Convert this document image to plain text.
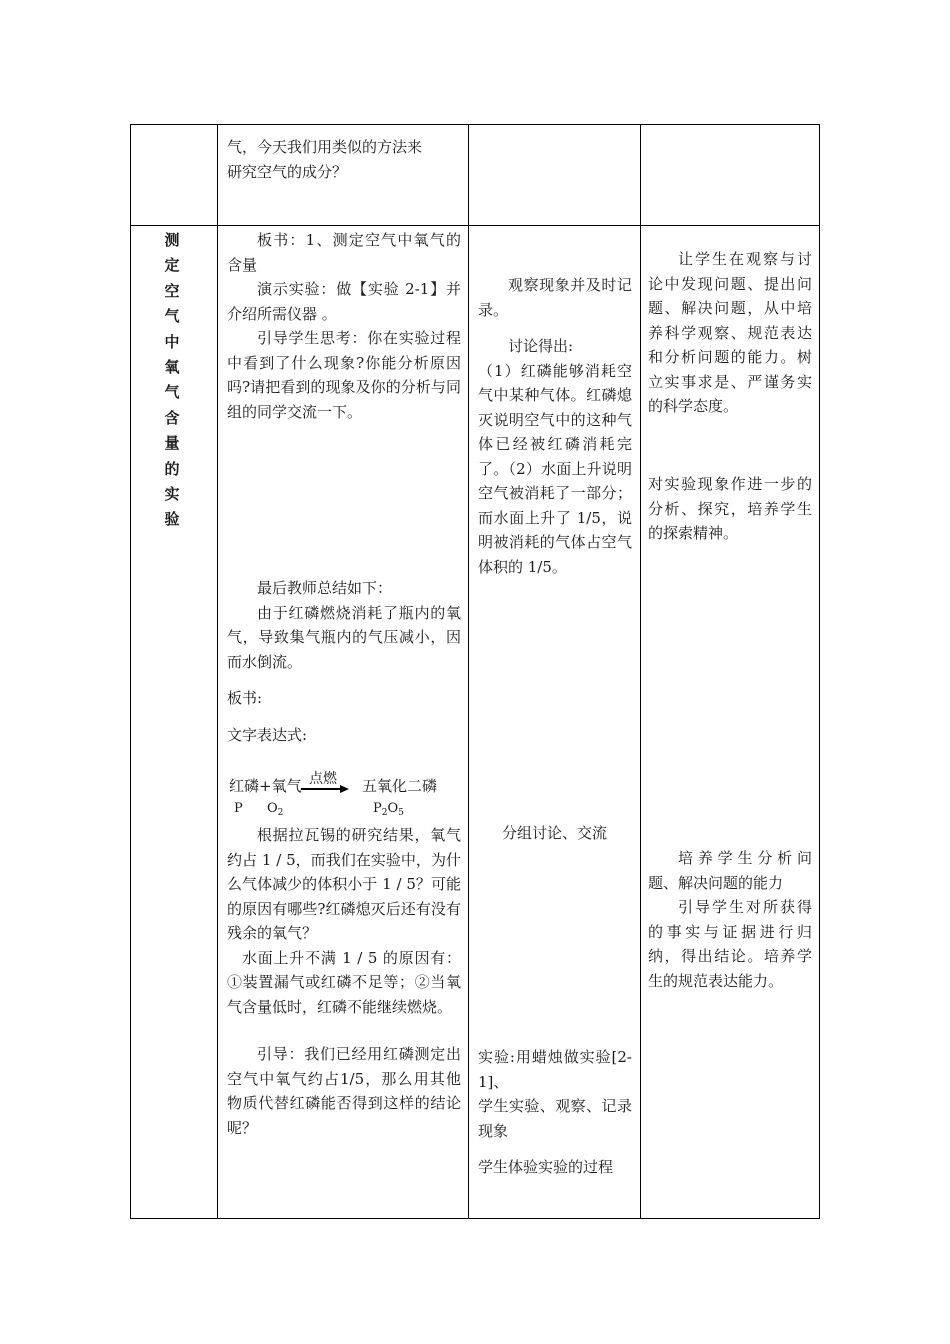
气，今天我们用类似的方法来

研究空气的成分？

测
定
空
气
中
氧
气
含
量
的
实
验

板书：1、测定空气中氧气的含量

演示实验：做【实验 2-1】并介绍所需仪器 。

引导学生思考：你在实验过程中看到了什么现象?你能分析原因吗?请把看到的现象及你的分析与同组的同学交流一下。

最后教师总结如下：

由于红磷燃烧消耗了瓶内的氧气，导致集气瓶内的气压减小，因而水倒流。

板书:

文字表达式:

红磷+氧气 点燃 → 五氧化二磷
P	$O_2$	$P_2O_5$

根据拉瓦锡的研究结果，氧气约占 1 / 5，而我们在实验中，为什么气体减少的体积小于 1 / 5？可能的原因有哪些?红磷熄灭后还有没有残余的氧气？

水面上升不满 1 / 5 的原因有：①装置漏气或红磷不足等；②当氧气含量低时，红磷不能继续燃烧。

引导：我们已经用红磷测定出空气中氧气约占1/5，那么用其他物质代替红磷能否得到这样的结论呢？

观察现象并及时记录。

讨论得出:

（1）红磷能够消耗空气中某种气体。红磷熄灭说明空气中的这种气体已经被红磷消耗完了。（2）水面上升说明空气被消耗了一部分；而水面上升了 1/5，说明被消耗的气体占空气体积的 1/5。

分组讨论、交流

实验:用蜡烛做实验[2-1]、

学生实验、观察、记录现象

学生体验实验的过程

让学生在观察与讨论中发现问题、提出问题、解决问题，从中培养科学观察、规范表达和分析问题的能力。树立实事求是、严谨务实的科学态度。

对实验现象作进一步的分析、探究，培养学生的探索精神。

培养学生分析问题、解决问题的能力

引导学生对所获得的事实与证据进行归纳，得出结论。培养学生的规范表达能力。
